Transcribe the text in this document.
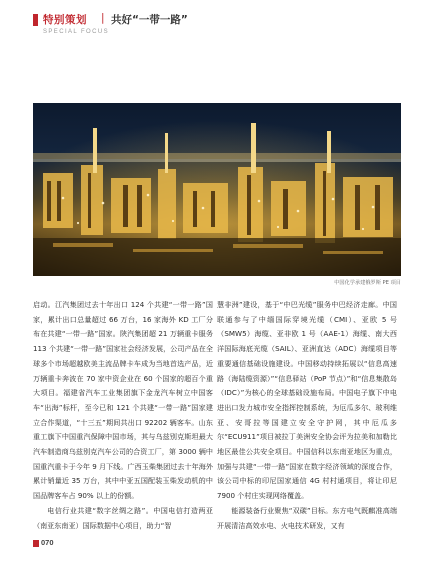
特别策划 | 共好“一带一路”
SPECIAL FOCUS
中国化学承建俄罗斯 PE 项目

启动。江汽集团过去十年出口 124 个共建“一带一路”国家，累计出口总量超过 66 万台，16 家海外 KD 工厂分布在共建“一带一路”国家。陕汽集团超 21 万辆重卡服务 113 个共建“一带一路”国家社会经济发展，公司产品在全球多个市场超越欧美主流品牌卡车成为当地首选产品，近万辆重卡奔波在 70 家中资企业在 60 个国家的超百个重大项目。福建省汽车工业集团旗下金龙汽车树立中国客车“出海”标杆，至今已和 121 个共建“一带一路”国家建立合作渠道，“十三五”期间共出口 92202 辆客车。山东重工旗下中国重汽保障中国市场，其与乌兹别克斯坦最大汽车制造商乌兹别克汽车公司的合资工厂，第 3000 辆中国重汽重卡于今年 9 月下线。广西玉柴集团过去十年海外累计销量近 35 万台，其中中亚五国配装玉柴发动机的中国品牌客车占 90% 以上的份额。

电信行业共建“数字丝绸之路”。中国电信打造两亚（南亚东南亚）国际数据中心项目，助力“智

慧非洲”建设，基于“中巴光缆”服务中巴经济走廊。中国联通参与了中缅国际穿境光缆（CMI）、亚欧 5 号（SMW5）海缆、亚非欧 1 号（AAE-1）海缆、南大西洋国际海底光缆（SAIL）、亚洲直达（ADC）海缆项目等重要通信基础设施建设。中国移动持续拓展以“信息高速路（海陆缆资源）”“信息驿站（PoP 节点）”和“信息集散岛（IDC）”为核心的全球基础设施布局。中国电子旗下中电进出口发力城市安全指挥控制系统，为厄瓜多尔、玻利维亚、安哥拉等国建立安全守护网，其中厄瓜多尔“ECU911”项目被拉丁美洲安全协会评为拉美和加勒比地区最佳公共安全项目。中国信科以东南亚地区为重点，加强与共建“一带一路”国家在数字经济领域的深度合作，该公司中标的印尼国家通信 4G 村村通项目，将让印尼 7900 个村庄实现网络覆盖。

能源装备行业聚焦“双碳”目标。东方电气既麒准高端开展清洁高效水电、火电技术研发，又有

070
